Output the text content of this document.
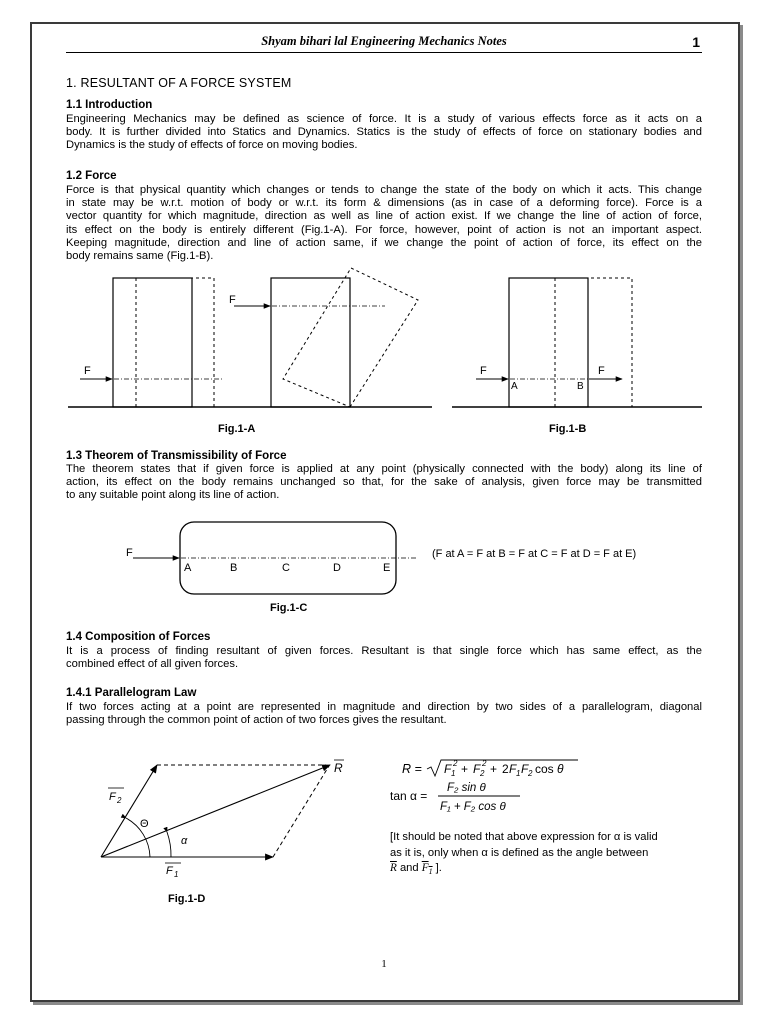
Shyam bihari lal Engineering Mechanics Notes	1
1. RESULTANT OF A FORCE SYSTEM
1.1 Introduction
Engineering Mechanics may be defined as science of force. It is a study of various effects force as it acts on a
body. It is further divided into Statics and Dynamics. Statics is the study of effects of force on stationary bodies and
Dynamics is the study of effects of force on moving bodies.
1.2 Force
Force is that physical quantity which changes or tends to change the state of the body on which it acts. This change
in state may be w.r.t. motion of body or w.r.t. its form & dimensions (as in case of a deforming force). Force is a
vector quantity for which magnitude, direction as well as line of action exist. If we change the line of action of force,
its effect on the body is entirely different (Fig.1-A). For force, however, point of action is not an important aspect.
Keeping magnitude, direction and line of action same, if we change the point of action of force, its effect on the
body remains same (Fig.1-B).
F
F
F	F
A	B
Fig.1-A	Fig.1-B
1.3 Theorem of Transmissibility of Force
The theorem states that if given force is applied at any point (physically connected with the body) along its line of
action, its effect on the body remains unchanged so that, for the sake of analysis, given force may be transmitted
to any suitable point along its line of action.
F
A	B	C	D	E
(F at A = F at B = F at C = F at D = F at E)
Fig.1-C
1.4 Composition of Forces
It is a process of finding resultant of given forces. Resultant is that single force which has same effect, as the
combined effect of all given forces.
1.4.1 Parallelogram Law
If two forces acting at a point are represented in magnitude and direction by two sides of a parallelogram, diagonal
passing through the common point of action of two forces gives the resultant.
Θ
α
F 2
F 1
R	R = F 1
2 + F 2
2 + 2 F 1 F 2 cos θ
tan α =
F₂ sin θ
F₁ + F₂ cos θ
[It should be noted that above expression for α is valid
as it is, only when α is defined as the angle between
$\overline{R}$ and $F_1$ ].
Fig.1-D
1
